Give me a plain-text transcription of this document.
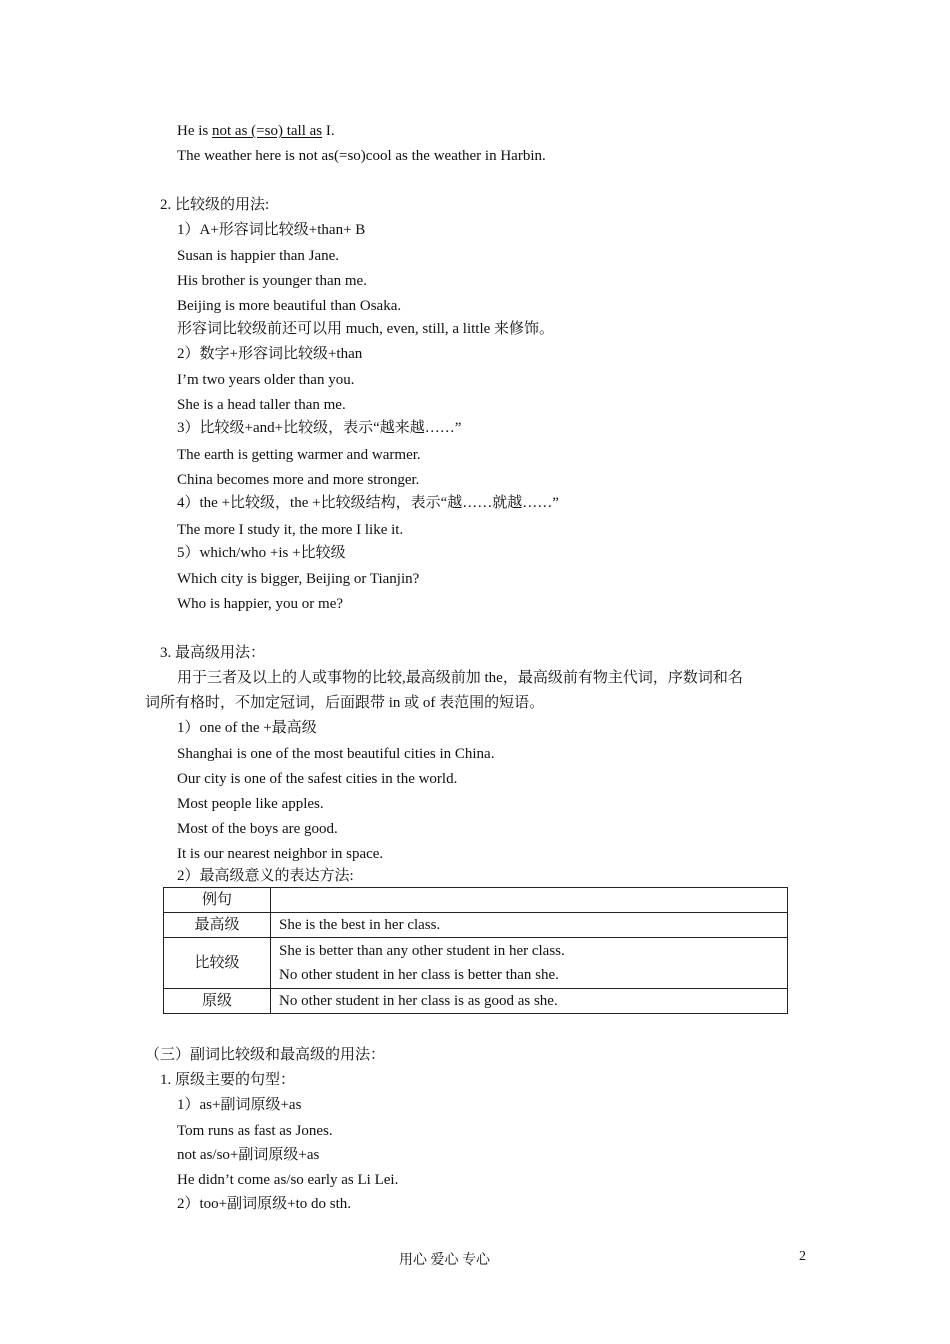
He is not as (=so) tall as I.
The weather here is not as(=so)cool as the weather in Harbin.
2. 比较级的用法:
1）A+形容词比较级+than+ B
Susan is happier than Jane.
His brother is younger than me.
Beijing is more beautiful than Osaka.
形容词比较级前还可以用 much, even, still, a little 来修饰。
2）数字+形容词比较级+than
I’m two years older than you.
She is a head taller than me.
3）比较级+and+比较级，表示“越来越……”
The earth is getting warmer and warmer.
China becomes more and more stronger.
4）the +比较级，the +比较级结构，表示“越……就越……”
The more I study it, the more I like it.
5）which/who +is +比较级
Which city is bigger, Beijing or Tianjin?
Who is happier, you or me?
3. 最高级用法：
用于三者及以上的人或事物的比较,最高级前加 the，最高级前有物主代词，序数词和名
词所有格时，不加定冠词，后面跟带 in 或 of 表范围的短语。
1）one of the +最高级
Shanghai is one of the most beautiful cities in China.
Our city is one of the safest cities in the world.
Most people like apples.
Most of the boys are good.
It is our nearest neighbor in space.
2）最高级意义的表达方法:
例句	
最高级	She is the best in her class.
比较级	She is better than any other student in her class.
No other student in her class is better than she.

原级	No other student in her class is as good as she.
（三）副词比较级和最高级的用法：
1. 原级主要的句型：
1）as+副词原级+as
Tom runs as fast as Jones.
not as/so+副词原级+as
He didn’t come as/so early as Li Lei.
2）too+副词原级+to do sth.
用心 爱心 专心	2
